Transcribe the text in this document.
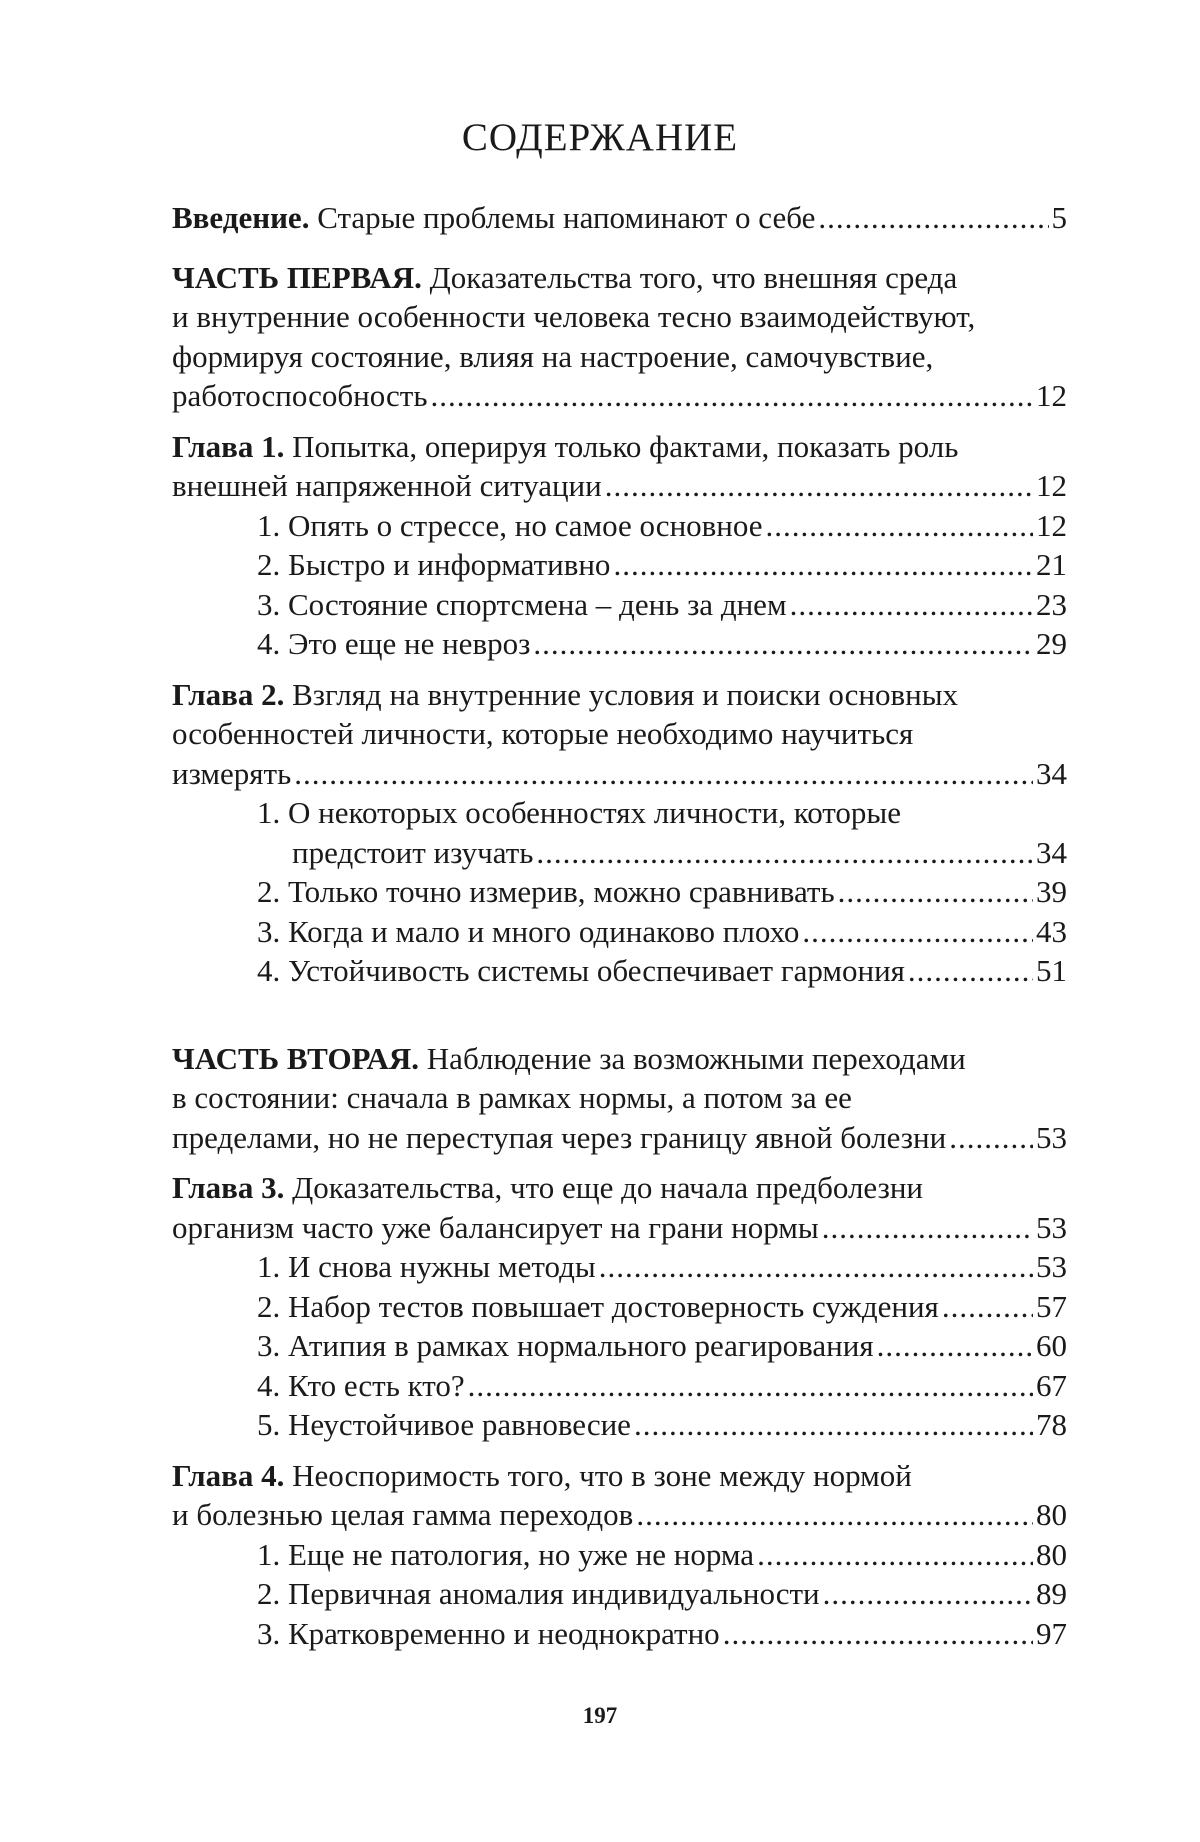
СОДЕРЖАНИЕ
Введение. Старые проблемы напоминают о себе .....	5
ЧАСТЬ ПЕРВАЯ. Доказательства того, что внешняя среда
и внутренние особенности человека тесно взаимодействуют,
формируя состояние, влияя на настроение, самочувствие,
работоспособность .....	12
Глава 1. Попытка, оперируя только фактами, показать роль
внешней напряженной ситуации .....	12
1. Опять о стрессе, но самое основное .....	12
2. Быстро и информативно .....	21
3. Состояние спортсмена – день за днем .....	23
4. Это еще не невроз .....	29
Глава 2. Взгляд на внутренние условия и поиски основных
особенностей личности, которые необходимо научиться
измерять .....	34
1. О некоторых особенностях личности, которые
предстоит изучать .....	34
2. Только точно измерив, можно сравнивать .....	39
3. Когда и мало и много одинаково плохо .....	43
4. Устойчивость системы обеспечивает гармония .....	51
ЧАСТЬ ВТОРАЯ. Наблюдение за возможными переходами
в состоянии: сначала в рамках нормы, а потом за ее
пределами, но не переступая через границу явной болезни .....	53
Глава 3. Доказательства, что еще до начала предболезни
организм часто уже балансирует на грани нормы .....	53
1. И снова нужны методы .....	53
2. Набор тестов повышает достоверность суждения .....	57
3. Атипия в рамках нормального реагирования .....	60
4. Кто есть кто? .....	67
5. Неустойчивое равновесие .....	78
Глава 4. Неоспоримость того, что в зоне между нормой
и болезнью целая гамма переходов .....	80
1. Еще не патология, но уже не норма .....	80
2. Первичная аномалия индивидуальности .....	89
3. Кратковременно и неоднократно .....	97
197
